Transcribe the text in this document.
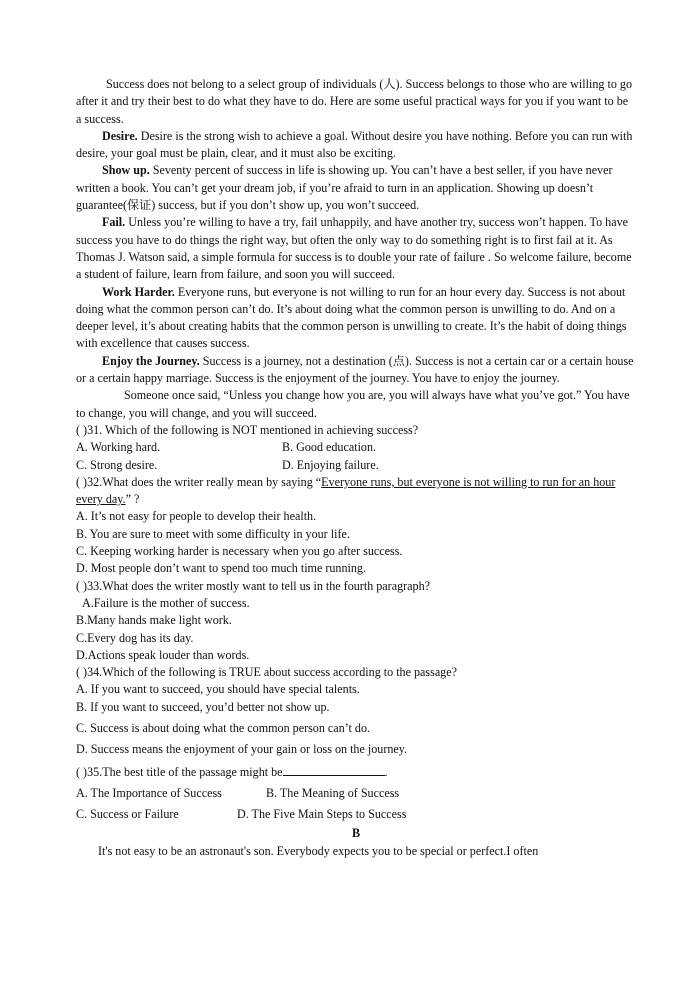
Success does not belong to a select group of individuals (人). Success belongs to those who are willing to go after it and try their best to do what they have to do. Here are some useful practical ways for you if you want to be a success.

Desire. Desire is the strong wish to achieve a goal. Without desire you have nothing. Before you can run with desire, your goal must be plain, clear, and it must also be exciting.

Show up. Seventy percent of success in life is showing up. You can’t have a best seller, if you have never written a book. You can’t get your dream job, if you’re afraid to turn in an application. Showing up doesn’t guarantee(保证) success, but if you don’t show up, you won’t succeed.

Fail. Unless you’re willing to have a try, fail unhappily, and have another try, success won’t happen. To have success you have to do things the right way, but often the only way to do something right is to first fail at it. As Thomas J. Watson said, a simple formula for success is to double your rate of failure . So welcome failure, become a student of failure, learn from failure, and soon you will succeed.

Work Harder. Everyone runs, but everyone is not willing to run for an hour every day. Success is not about doing what the common person can’t do. It’s about doing what the common person is unwilling to do. And on a deeper level, it’s about creating habits that the common person is unwilling to create. It’s the habit of doing things with excellence that causes success.

Enjoy the Journey. Success is a journey, not a destination (点). Success is not a certain car or a certain house or a certain happy marriage. Success is the enjoyment of the journey. You have to enjoy the journey.

Someone once said, “Unless you change how you are, you will always have what you’ve got.” You have to change, you will change, and you will succeed.

( )31. Which of the following is NOT mentioned in achieving success?

A. Working hard.	B. Good education.
C. Strong desire.	D. Enjoying failure.

( )32.What does the writer really mean by saying “Everyone runs, but everyone is not willing to run for an hour every day.” ?

A. It’s not easy for people to develop their health.

B. You are sure to meet with some difficulty in your life.

C. Keeping working harder is necessary when you go after success.

D. Most people don’t want to spend too much time running.

( )33.What does the writer mostly want to tell us in the fourth paragraph?

A.Failure is the mother of success.

B.Many hands make light work.

C.Every dog has its day.

D.Actions speak louder than words.

( )34.Which of the following is TRUE about success according to the passage?

A. If you want to succeed, you should have special talents.

B. If you want to succeed, you’d better not show up.

C. Success is about doing what the common person can’t do.

D. Success means the enjoyment of your gain or loss on the journey.

( )35.The best title of the passage might be	.

A. The Importance of Success	B. The Meaning of Success
C. Success or Failure	D. The Five Main Steps to Success

B

It's not easy to be an astronaut's son. Everybody expects you to be special or perfect.I often
